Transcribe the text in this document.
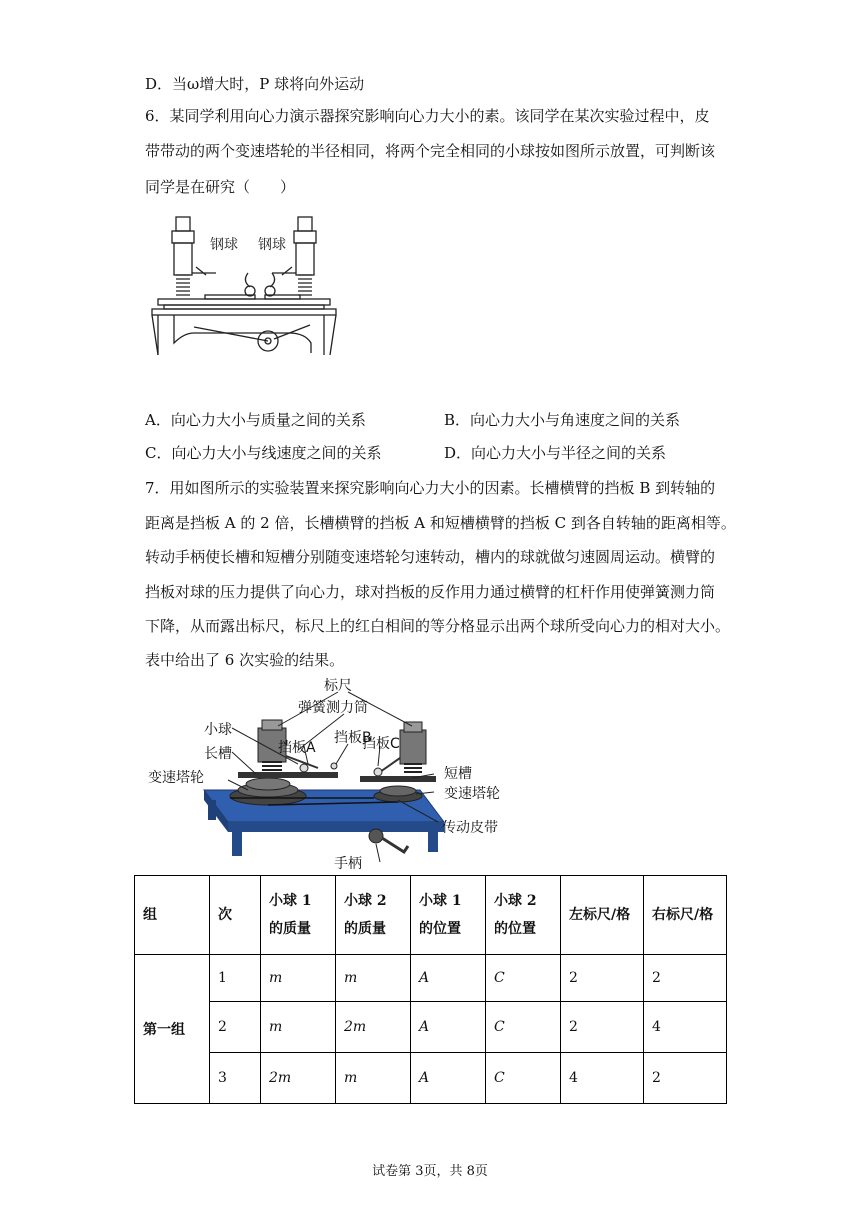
D．当ω增大时，P 球将向外运动
6．某同学利用向心力演示器探究影响向心力大小的素。该同学在某次实验过程中，皮
带带动的两个变速塔轮的半径相同，将两个完全相同的小球按如图所示放置，可判断该
同学是在研究（　　）
钢球 钢球
A．向心力大小与质量之间的关系	B．向心力大小与角速度之间的关系
C．向心力大小与线速度之间的关系	D．向心力大小与半径之间的关系
7．用如图所示的实验装置来探究影响向心力大小的因素。长槽横臂的挡板 B 到转轴的
距离是挡板 A 的 2 倍，长槽横臂的挡板 A 和短槽横臂的挡板 C 到各自转轴的距离相等。
转动手柄使长槽和短槽分别随变速塔轮匀速转动，槽内的球就做匀速圆周运动。横臂的
挡板对球的压力提供了向心力，球对挡板的反作用力通过横臂的杠杆作用使弹簧测力筒
下降，从而露出标尺，标尺上的红白相间的等分格显示出两个球所受向心力的相对大小。
表中给出了 6 次实验的结果。
标尺
弹簧测力筒
小球
长槽	挡板A
挡板B
挡板C
短槽
变速塔轮
变速塔轮
传动皮带
手柄
组	次	小球 1 的质量	小球 2 的质量	小球 1 的位置	小球 2 的位置	左标尺/格	右标尺/格
第一组	1	m	m	A	C	2	2
	2	m	2m	A	C	2	4
	3	2m	m	A	C	4	2
试卷第 3页，共 8页
